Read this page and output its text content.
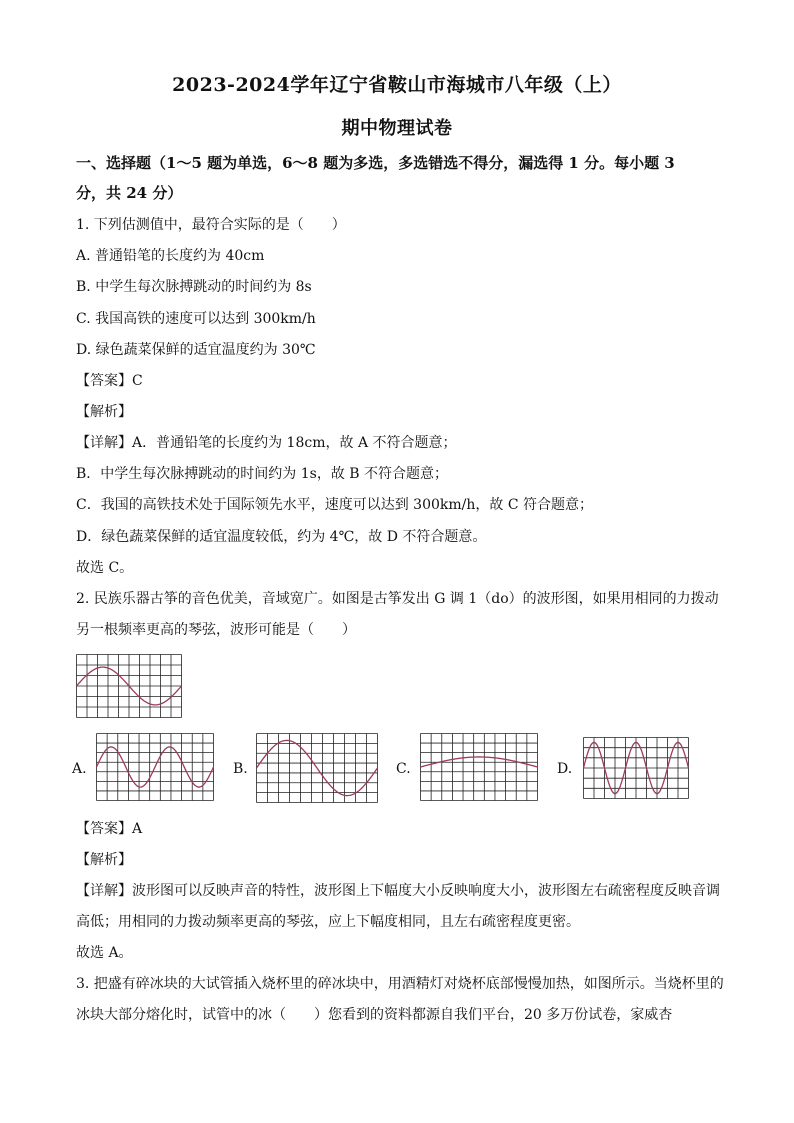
2023-2024学年辽宁省鞍山市海城市八年级（上）
期中物理试卷
一、选择题（1～5 题为单选，6～8 题为多选，多选错选不得分，漏选得 1 分。每小题 3
分，共 24 分）
1. 下列估测值中，最符合实际的是（　　）
A. 普通铅笔的长度约为 40cm
B. 中学生每次脉搏跳动的时间约为 8s
C. 我国高铁的速度可以达到 300km/h
D. 绿色蔬菜保鲜的适宜温度约为 30℃
【答案】C
【解析】
【详解】A．普通铅笔的长度约为 18cm，故 A 不符合题意；
B．中学生每次脉搏跳动的时间约为 1s，故 B 不符合题意；
C．我国的高铁技术处于国际领先水平，速度可以达到 300km/h，故 C 符合题意；
D．绿色蔬菜保鲜的适宜温度较低，约为 4℃，故 D 不符合题意。
故选 C。
2. 民族乐器古筝的音色优美，音域宽广。如图是古筝发出 G 调 1（do）的波形图，如果用相同的力拨动
另一根频率更高的琴弦，波形可能是（　　）
A.	B.	C.	D.
【答案】A
【解析】
【详解】波形图可以反映声音的特性，波形图上下幅度大小反映响度大小，波形图左右疏密程度反映音调
高低；用相同的力拨动频率更高的琴弦，应上下幅度相同，且左右疏密程度更密。
故选 A。
3. 把盛有碎冰块的大试管插入烧杯里的碎冰块中，用酒精灯对烧杯底部慢慢加热，如图所示。当烧杯里的
冰块大部分熔化时，试管中的冰（　　）您看到的资料都源自我们平台，20 多万份试卷，家威杏
